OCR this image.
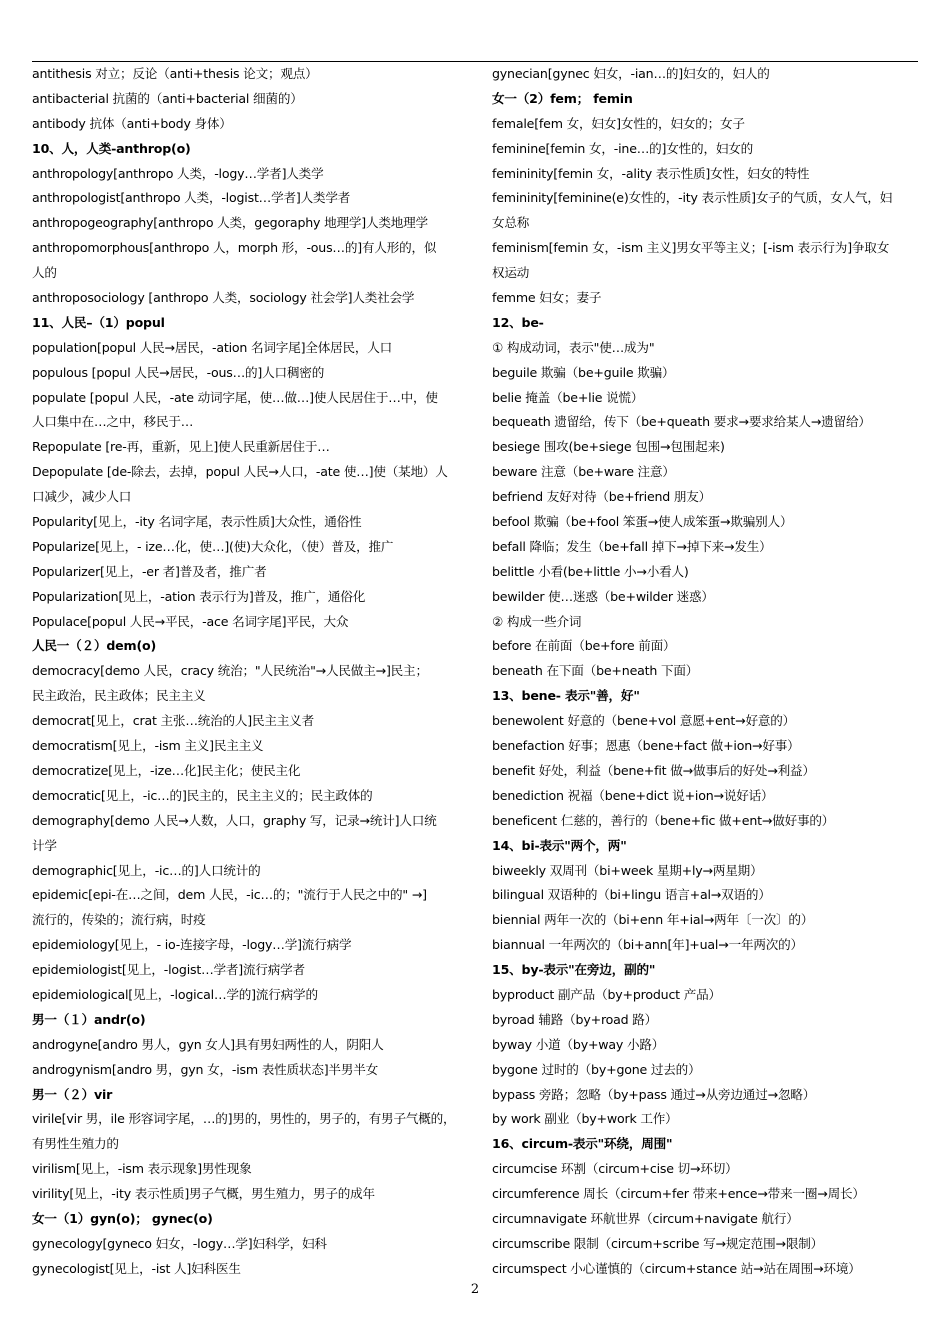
antithesis 对立；反论（anti+thesis 论文；观点）
antibacterial 抗菌的（anti+bacterial 细菌的）
antibody 抗体（anti+body 身体）
10、人，人类-anthrop(o)
anthropology[anthropo 人类，-logy…学者]人类学
anthropologist[anthropo 人类，-logist…学者]人类学者
anthropogeography[anthropo 人类，gegoraphy 地理学]人类地理学
anthropomorphous[anthropo 人，morph 形，-ous…的]有人形的，似
人的
anthroposociology [anthropo 人类，sociology 社会学]人类社会学
11、人民–（1）popul
population[popul 人民→居民，-ation 名词字尾]全体居民，人口
populous [popul 人民→居民，-ous…的]人口稠密的
populate [popul 人民，-ate 动词字尾，使…做…]使人民居住于…中，使
人口集中在…之中，移民于…
Repopulate [re-再，重新，见上]使人民重新居住于…
Depopulate [de-除去，去掉，popul 人民→人口，-ate 使…]使（某地）人
口减少，减少人口
Popularity[见上，-ity 名词字尾，表示性质]大众性，通俗性
Popularize[见上，- ize…化，使…](使)大众化，（使）普及，推广
Popularizer[见上，-er 者]普及者，推广者
Popularization[见上，-ation 表示行为]普及，推广，通俗化
Populace[popul 人民→平民，-ace 名词字尾]平民，大众
人民一（２）dem(o)
democracy[demo 人民，cracy 统治；"人民统治"→人民做主→]民主；
民主政治，民主政体；民主主义
democrat[见上，crat 主张…统治的人]民主主义者
democratism[见上，-ism 主义]民主主义
democratize[见上，-ize…化]民主化；使民主化
democratic[见上，-ic…的]民主的，民主主义的；民主政体的
demography[demo 人民→人数，人口，graphy 写，记录→统计]人口统
计学
demographic[见上，-ic…的]人口统计的
epidemic[epi-在…之间，dem 人民，-ic…的；"流行于人民之中的" →]
流行的，传染的；流行病，时疫
epidemiology[见上，- io-连接字母，-logy…学]流行病学
epidemiologist[见上，-logist…学者]流行病学者
epidemiological[见上，-logical…学的]流行病学的
男一（１）andr(o)
androgyne[andro 男人，gyn 女人]具有男妇两性的人，阴阳人
androgynism[andro 男，gyn 女，-ism 表性质状态]半男半女
男一（２）vir
virile[vir 男，ile 形容词字尾，…的]男的，男性的，男子的，有男子气概的，
有男性生殖力的
virilism[见上，-ism 表示现象]男性现象
virility[见上，-ity 表示性质]男子气概，男生殖力，男子的成年
女一（1）gyn(o)； gynec(o)
gynecology[gyneco 妇女，-logy…学]妇科学，妇科
gynecologist[见上，-ist 人]妇科医生
gynecian[gynec 妇女，-ian…的]妇女的，妇人的
女一（2）fem； femin
female[fem 女，妇女]女性的，妇女的；女子
feminine[femin 女，-ine…的]女性的，妇女的
femininity[femin 女，-ality 表示性质]女性，妇女的特性
femininity[feminine(e)女性的，-ity 表示性质]女子的气质，女人气，妇
女总称
feminism[femin 女，-ism 主义]男女平等主义；[-ism 表示行为]争取女
权运动
femme 妇女；妻子
12、be-
① 构成动词，表示"使…成为"
beguile 欺骗（be+guile 欺骗）
belie 掩盖（be+lie 说慌）
bequeath 遗留给，传下（be+queath 要求→要求给某人→遗留给）
besiege 围攻(be+siege 包围→包围起来)
beware 注意（be+ware 注意）
befriend 友好对待（be+friend 朋友）
befool 欺骗（be+fool 笨蛋→使人成笨蛋→欺骗别人）
befall 降临；发生（be+fall 掉下→掉下来→发生）
belittle 小看(be+little 小→小看人)
bewilder 使…迷惑（be+wilder 迷惑）
② 构成一些介词
before 在前面（be+fore 前面）
beneath 在下面（be+neath 下面）
13、bene- 表示"善，好"
benewolent 好意的（bene+vol 意愿+ent→好意的）
benefaction 好事；恩惠（bene+fact 做+ion→好事）
benefit 好处，利益（bene+fit 做→做事后的好处→利益）
benediction 祝福（bene+dict 说+ion→说好话）
beneficent 仁慈的，善行的（bene+fic 做+ent→做好事的）
14、bi-表示"两个，两"
biweekly 双周刊（bi+week 星期+ly→两星期）
bilingual 双语种的（bi+lingu 语言+al→双语的）
biennial 两年一次的（bi+enn 年+ial→两年〔一次〕的）
biannual 一年两次的（bi+ann[年]+ual→一年两次的）
15、by-表示"在旁边，副的"
byproduct 副产品（by+product 产品）
byroad 辅路（by+road 路）
byway 小道（by+way 小路）
bygone 过时的（by+gone 过去的）
bypass 旁路；忽略（by+pass 通过→从旁边通过→忽略）
by work 副业（by+work 工作）
16、circum-表示"环绕，周围"
circumcise 环割（circum+cise 切→环切）
circumference 周长（circum+fer 带来+ence→带来一圈→周长）
circumnavigate 环航世界（circum+navigate 航行）
circumscribe 限制（circum+scribe 写→规定范围→限制）
circumspect 小心谨慎的（circum+stance 站→站在周围→环境）
2
